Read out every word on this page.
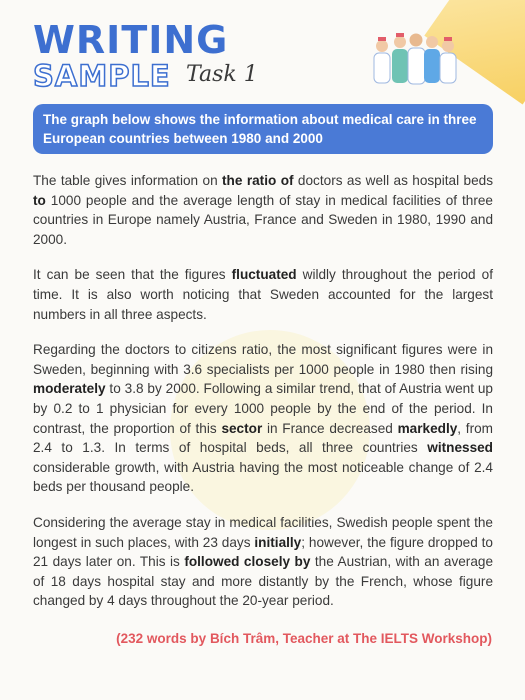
WRITING
SAMPLE Task 1
The graph below shows the information about medical care in three European countries between 1980 and 2000

The table gives information on the ratio of doctors as well as hospital beds to 1000 people and the average length of stay in medical facilities of three countries in Europe namely Austria, France and Sweden in 1980, 1990 and 2000.

It can be seen that the figures fluctuated wildly throughout the period of time. It is also worth noticing that Sweden accounted for the largest numbers in all three aspects.

Regarding the doctors to citizens ratio, the most significant figures were in Sweden, beginning with 3.6 specialists per 1000 people in 1980 then rising moderately to 3.8 by 2000. Following a similar trend, that of Austria went up by 0.2 to 1 physician for every 1000 people by the end of the period. In contrast, the proportion of this sector in France decreased markedly, from 2.4 to 1.3. In terms of hospital beds, all three countries witnessed considerable growth, with Austria having the most noticeable change of 2.4 beds per thousand people.

Considering the average stay in medical facilities, Swedish people spent the longest in such places, with 23 days initially; however, the figure dropped to 21 days later on. This is followed closely by the Austrian, with an average of 18 days hospital stay and more distantly by the French, whose figure changed by 4 days throughout the 20-year period.

(232 words by Bích Trâm, Teacher at The IELTS Workshop)
